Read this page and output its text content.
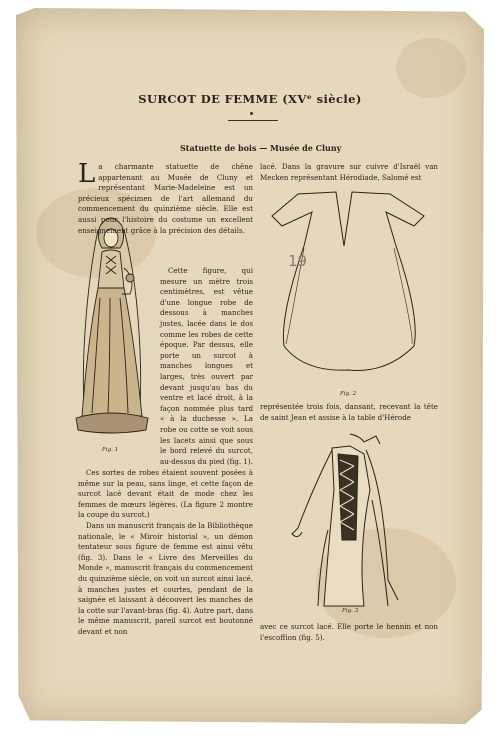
SURCOT DE FEMME (XVᵉ siècle)
Statuette de bois — Musée de Cluny
Fig. 1

La charmante statuette de chêne appartenant au Musée de Cluny et représentant Marie-Madeleine est un précieux spécimen de l'art allemand du commencement du quinzième siècle. Elle est aussi pour l'histoire du costume un excellent enseignement grâce à la précision des détails.

Cette figure, qui mesure un mètre trois centimètres, est vêtue d'une longue robe de dessous à manches justes, lacée dans le dos comme les robes de cette époque. Par dessus, elle porte un surcot à manches longues et larges, très ouvert par devant jusqu'au bas du ventre et lacé droit, à la façon nommée plus tard « à la duchesse ». La robe ou cotte se voit sous les lacets ainsi que sous le bord relevé du surcot, au-dessus du pied (fig. 1).

Ces sortes de robes étaient souvent posées à même sur la peau, sans linge, et cette façon de surcot lacé devant était de mode chez les femmes de mœurs légères. (La figure 2 montre la coupe du surcot.)

Dans un manuscrit français de la Bibliothèque nationale, le « Miroir historial », un démon tentateur sous figure de femme est ainsi vêtu (fig. 3). Dans le « Livre des Merveilles du Monde », manuscrit français du commencement du quinzième siècle, on voit un surcot ainsi lacé, à manches justes et courtes, pendant de la saignée et laissant à découvert les manches de la cotte sur l'avant-bras (fig. 4). Autre part, dans le même manuscrit, pareil surcot est boutonné devant et non

lacé. Dans la gravure sur cuivre d'Israël van Mecken représentant Hérodiade, Salomé est
19
Fig. 2
représentée trois fois, dansant, recevant la tête de saint Jean et assise à la table d'Hérode
Fig. 3
avec ce surcot lacé. Elle porte le hennin et non l'escoffion (fig. 5).
